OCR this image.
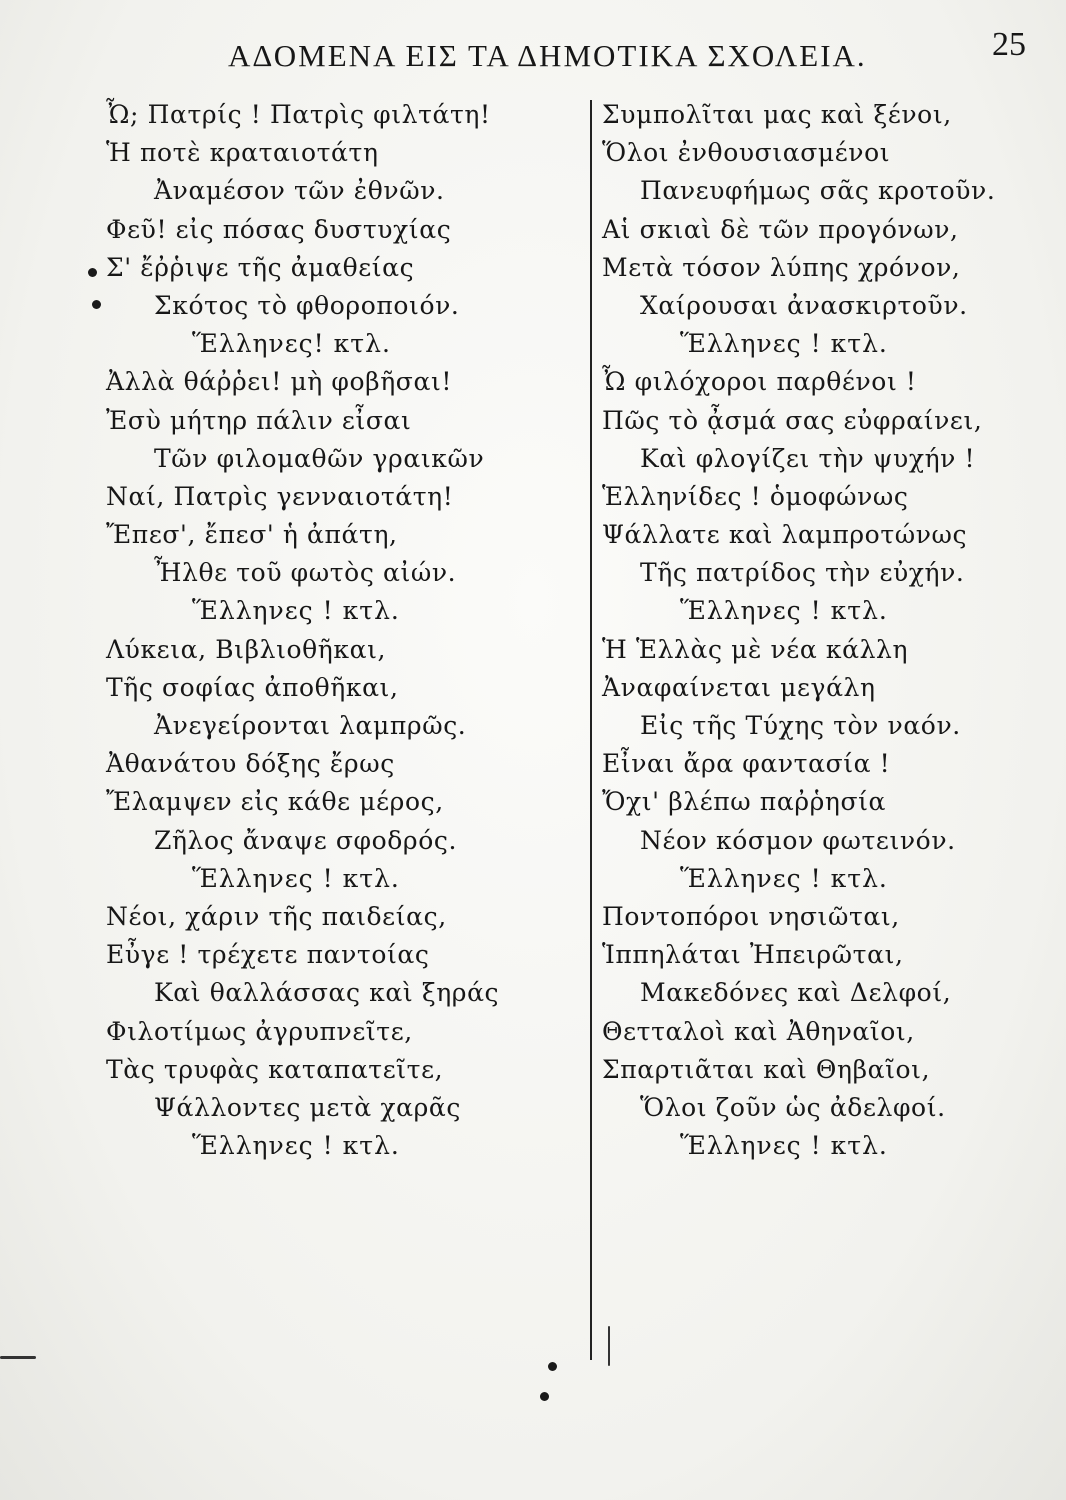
ΑΔΟΜΕΝΑ ΕΙΣ ΤΑ ΔΗΜΟΤΙΚΑ ΣΧΟΛΕΙΑ.	25
Ὦ; Πατρίς ! Πατρὶς φιλτάτη!
Ἡ ποτὲ κραταιοτάτη
Ἀναμέσον τῶν ἐθνῶν.
Φεῦ! εἰς πόσας δυστυχίας
Σ' ἔῤῥιψε τῆς ἀμαθείας
Σκότος τὸ φθοροποιόν.
Ἕλληνες! κτλ.
Ἀλλὰ θάῤῥει! μὴ φοβῆσαι!
Ἐσὺ μήτηρ πάλιν εἶσαι
Τῶν φιλομαθῶν γραικῶν
Ναί, Πατρὶς γενναιοτάτη!
Ἔπεσ', ἔπεσ' ἡ ἀπάτη,
Ἦλθε τοῦ φωτὸς αἰών.
Ἕλληνες ! κτλ.
Λύκεια, Βιβλιοθῆκαι,
Τῆς σοφίας ἀποθῆκαι,
Ἀνεγείρονται λαμπρῶς.
Ἀθανάτου δόξης ἔρως
Ἔλαμψεν εἰς κάθε μέρος,
Ζῆλος ἄναψε σφοδρός.
Ἕλληνες ! κτλ.
Νέοι, χάριν τῆς παιδείας,
Εὖγε ! τρέχετε παντοίας
Καὶ θαλλάσσας καὶ ξηράς
Φιλοτίμως ἀγρυπνεῖτε,
Τὰς τρυφὰς καταπατεῖτε,
Ψάλλοντες μετὰ χαρᾶς
Ἕλληνες ! κτλ.
Συμπολῖται μας καὶ ξένοι,
Ὅλοι ἐνθουσιασμένοι
Πανευφήμως σᾶς κροτοῦν.
Αἱ σκιαὶ δὲ τῶν προγόνων,
Μετὰ τόσον λύπης χρόνον,
Χαίρουσαι ἀνασκιρτοῦν.
Ἕλληνες ! κτλ.
Ὦ φιλόχοροι παρθένοι !
Πῶς τὸ ᾆσμά σας εὐφραίνει,
Καὶ φλογίζει τὴν ψυχήν !
Ἑλληνίδες ! ὁμοφώνως
Ψάλλατε καὶ λαμπροτώνως
Τῆς πατρίδος τὴν εὐχήν.
Ἕλληνες ! κτλ.
Ἡ Ἑλλὰς μὲ νέα κάλλη
Ἀναφαίνεται μεγάλη
Εἰς τῆς Τύχης τὸν ναόν.
Εἶναι ἄρα φαντασία !
Ὄχι' βλέπω παῤῥησία
Νέον κόσμον φωτεινόν.
Ἕλληνες ! κτλ.
Ποντοπόροι νησιῶται,
Ἱππηλάται Ἠπειρῶται,
Μακεδόνες καὶ Δελφοί,
Θετταλοὶ καὶ Ἀθηναῖοι,
Σπαρτιᾶται καὶ Θηβαῖοι,
Ὅλοι ζοῦν ὡς ἀδελφοί.
Ἕλληνες ! κτλ.
